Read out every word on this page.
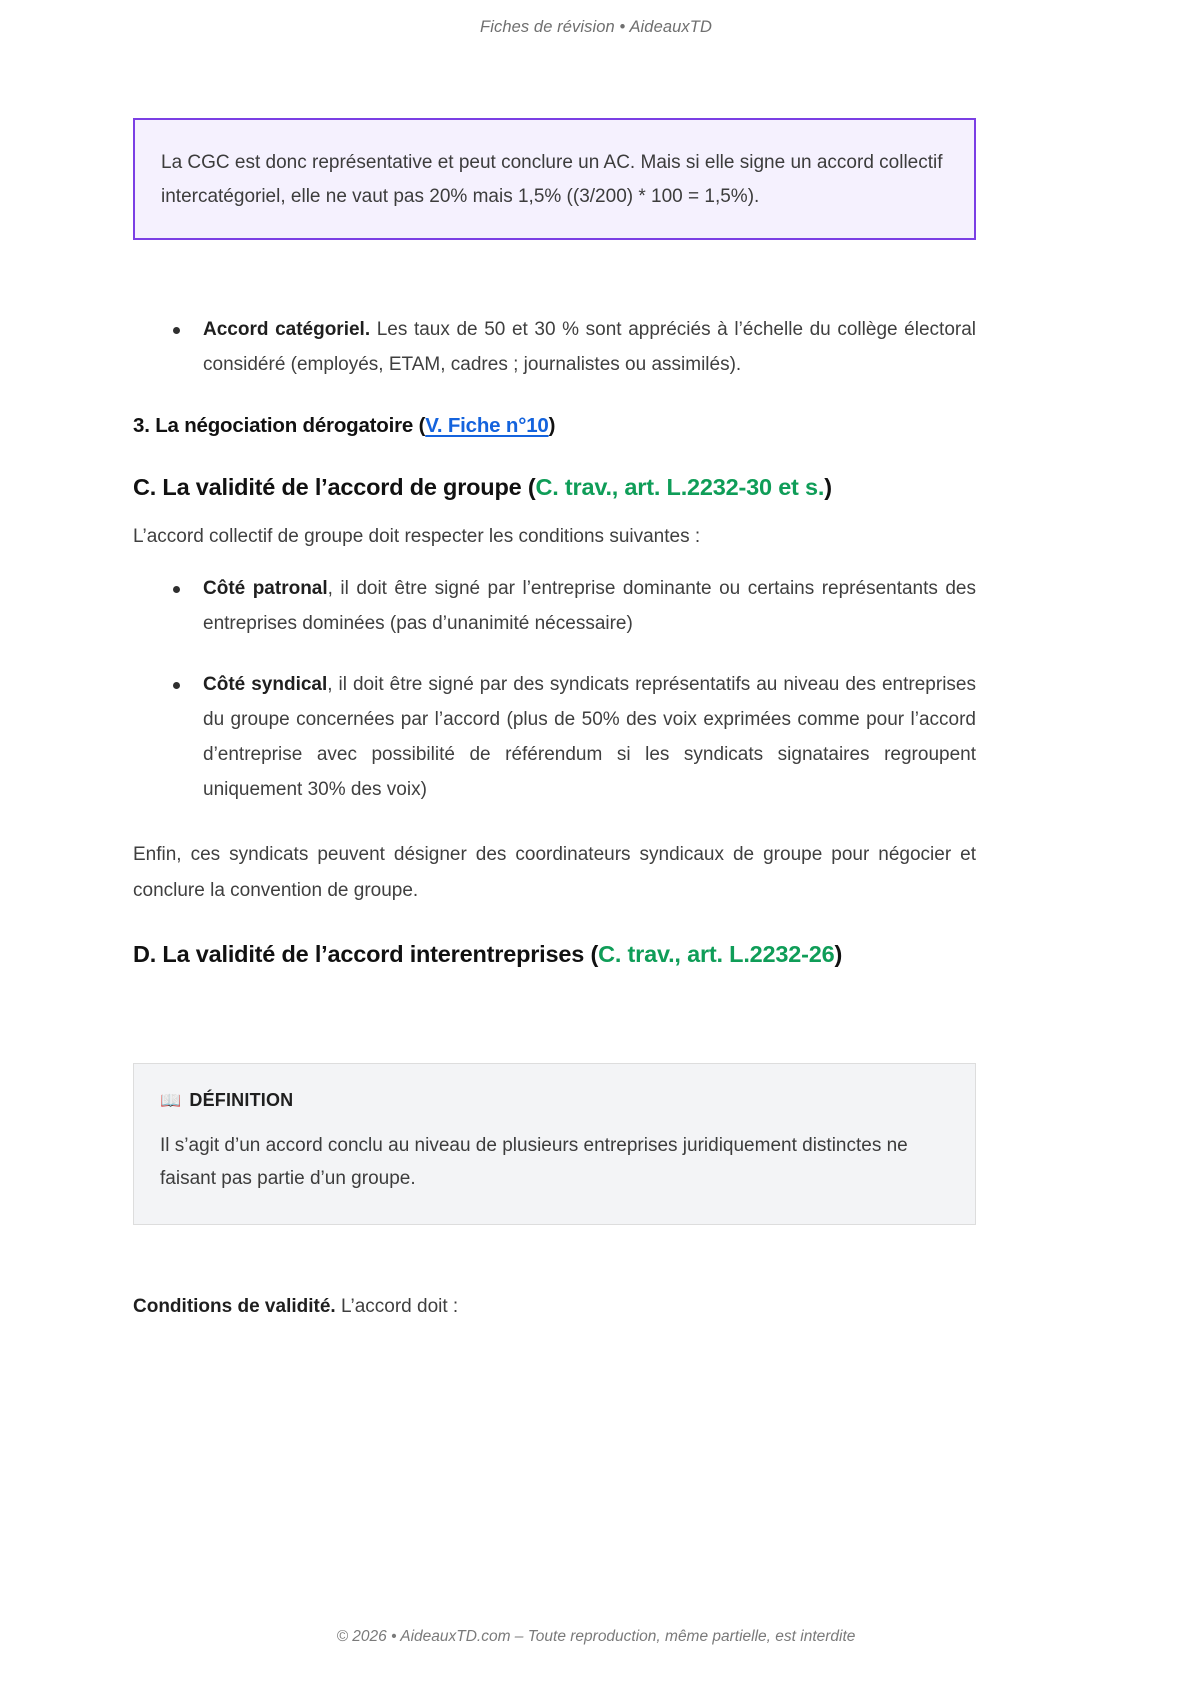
Fiches de révision • AideauxTD

La CGC est donc représentative et peut conclure un AC. Mais si elle signe un accord collectif intercatégoriel, elle ne vaut pas 20% mais 1,5% ((3/200) * 100 = 1,5%).

Accord catégoriel. Les taux de 50 et 30 % sont appréciés à l’échelle du collège électoral considéré (employés, ETAM, cadres ; journalistes ou assimilés).
3. La négociation dérogatoire (V. Fiche n°10)
C. La validité de l’accord de groupe (C. trav., art. L.2232-30 et s.)

L’accord collectif de groupe doit respecter les conditions suivantes :

Côté patronal, il doit être signé par l’entreprise dominante ou certains représentants des entreprises dominées (pas d’unanimité nécessaire)
Côté syndical, il doit être signé par des syndicats représentatifs au niveau des entreprises du groupe concernées par l’accord (plus de 50% des voix exprimées comme pour l’accord d’entreprise avec possibilité de référendum si les syndicats signataires regroupent uniquement 30% des voix)

Enfin, ces syndicats peuvent désigner des coordinateurs syndicaux de groupe pour négocier et conclure la convention de groupe.

D. La validité de l’accord interentreprises (C. trav., art. L.2232-26)
📖 DÉFINITION

Il s’agit d’un accord conclu au niveau de plusieurs entreprises juridiquement distinctes ne faisant pas partie d’un groupe.

Conditions de validité. L’accord doit :

© 2026 • AideauxTD.com – Toute reproduction, même partielle, est interdite
